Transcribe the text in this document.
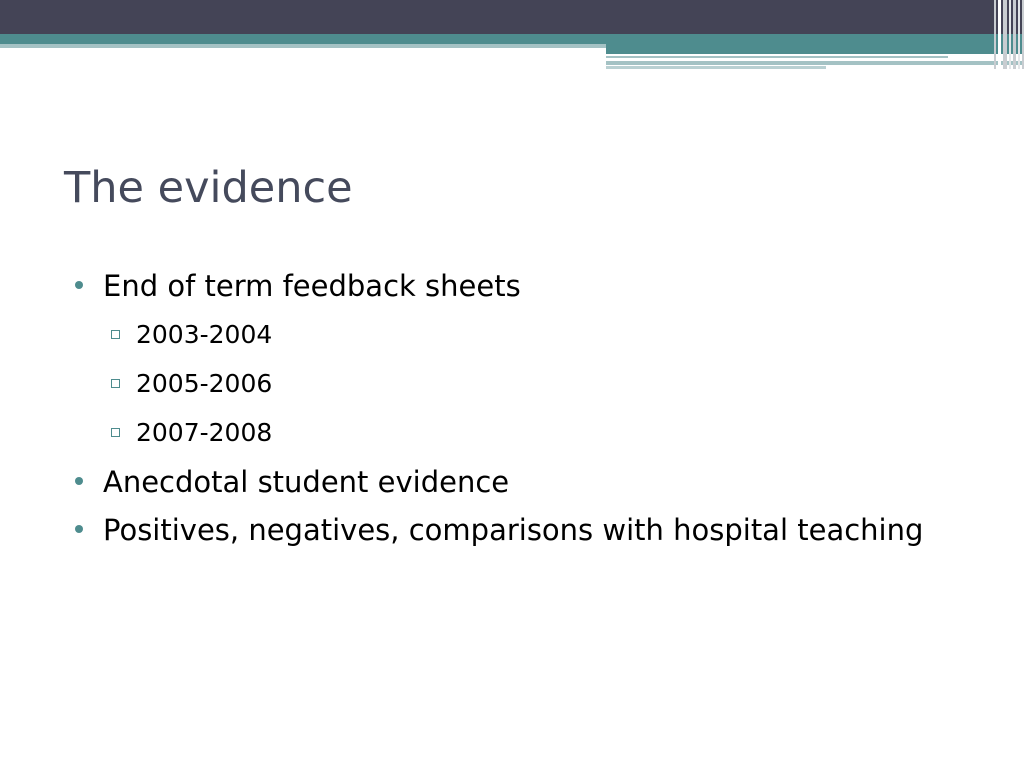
The evidence
End of term feedback sheets
2003-2004
2005-2006
2007-2008
Anecdotal student evidence
Positives, negatives, comparisons with hospital teaching
